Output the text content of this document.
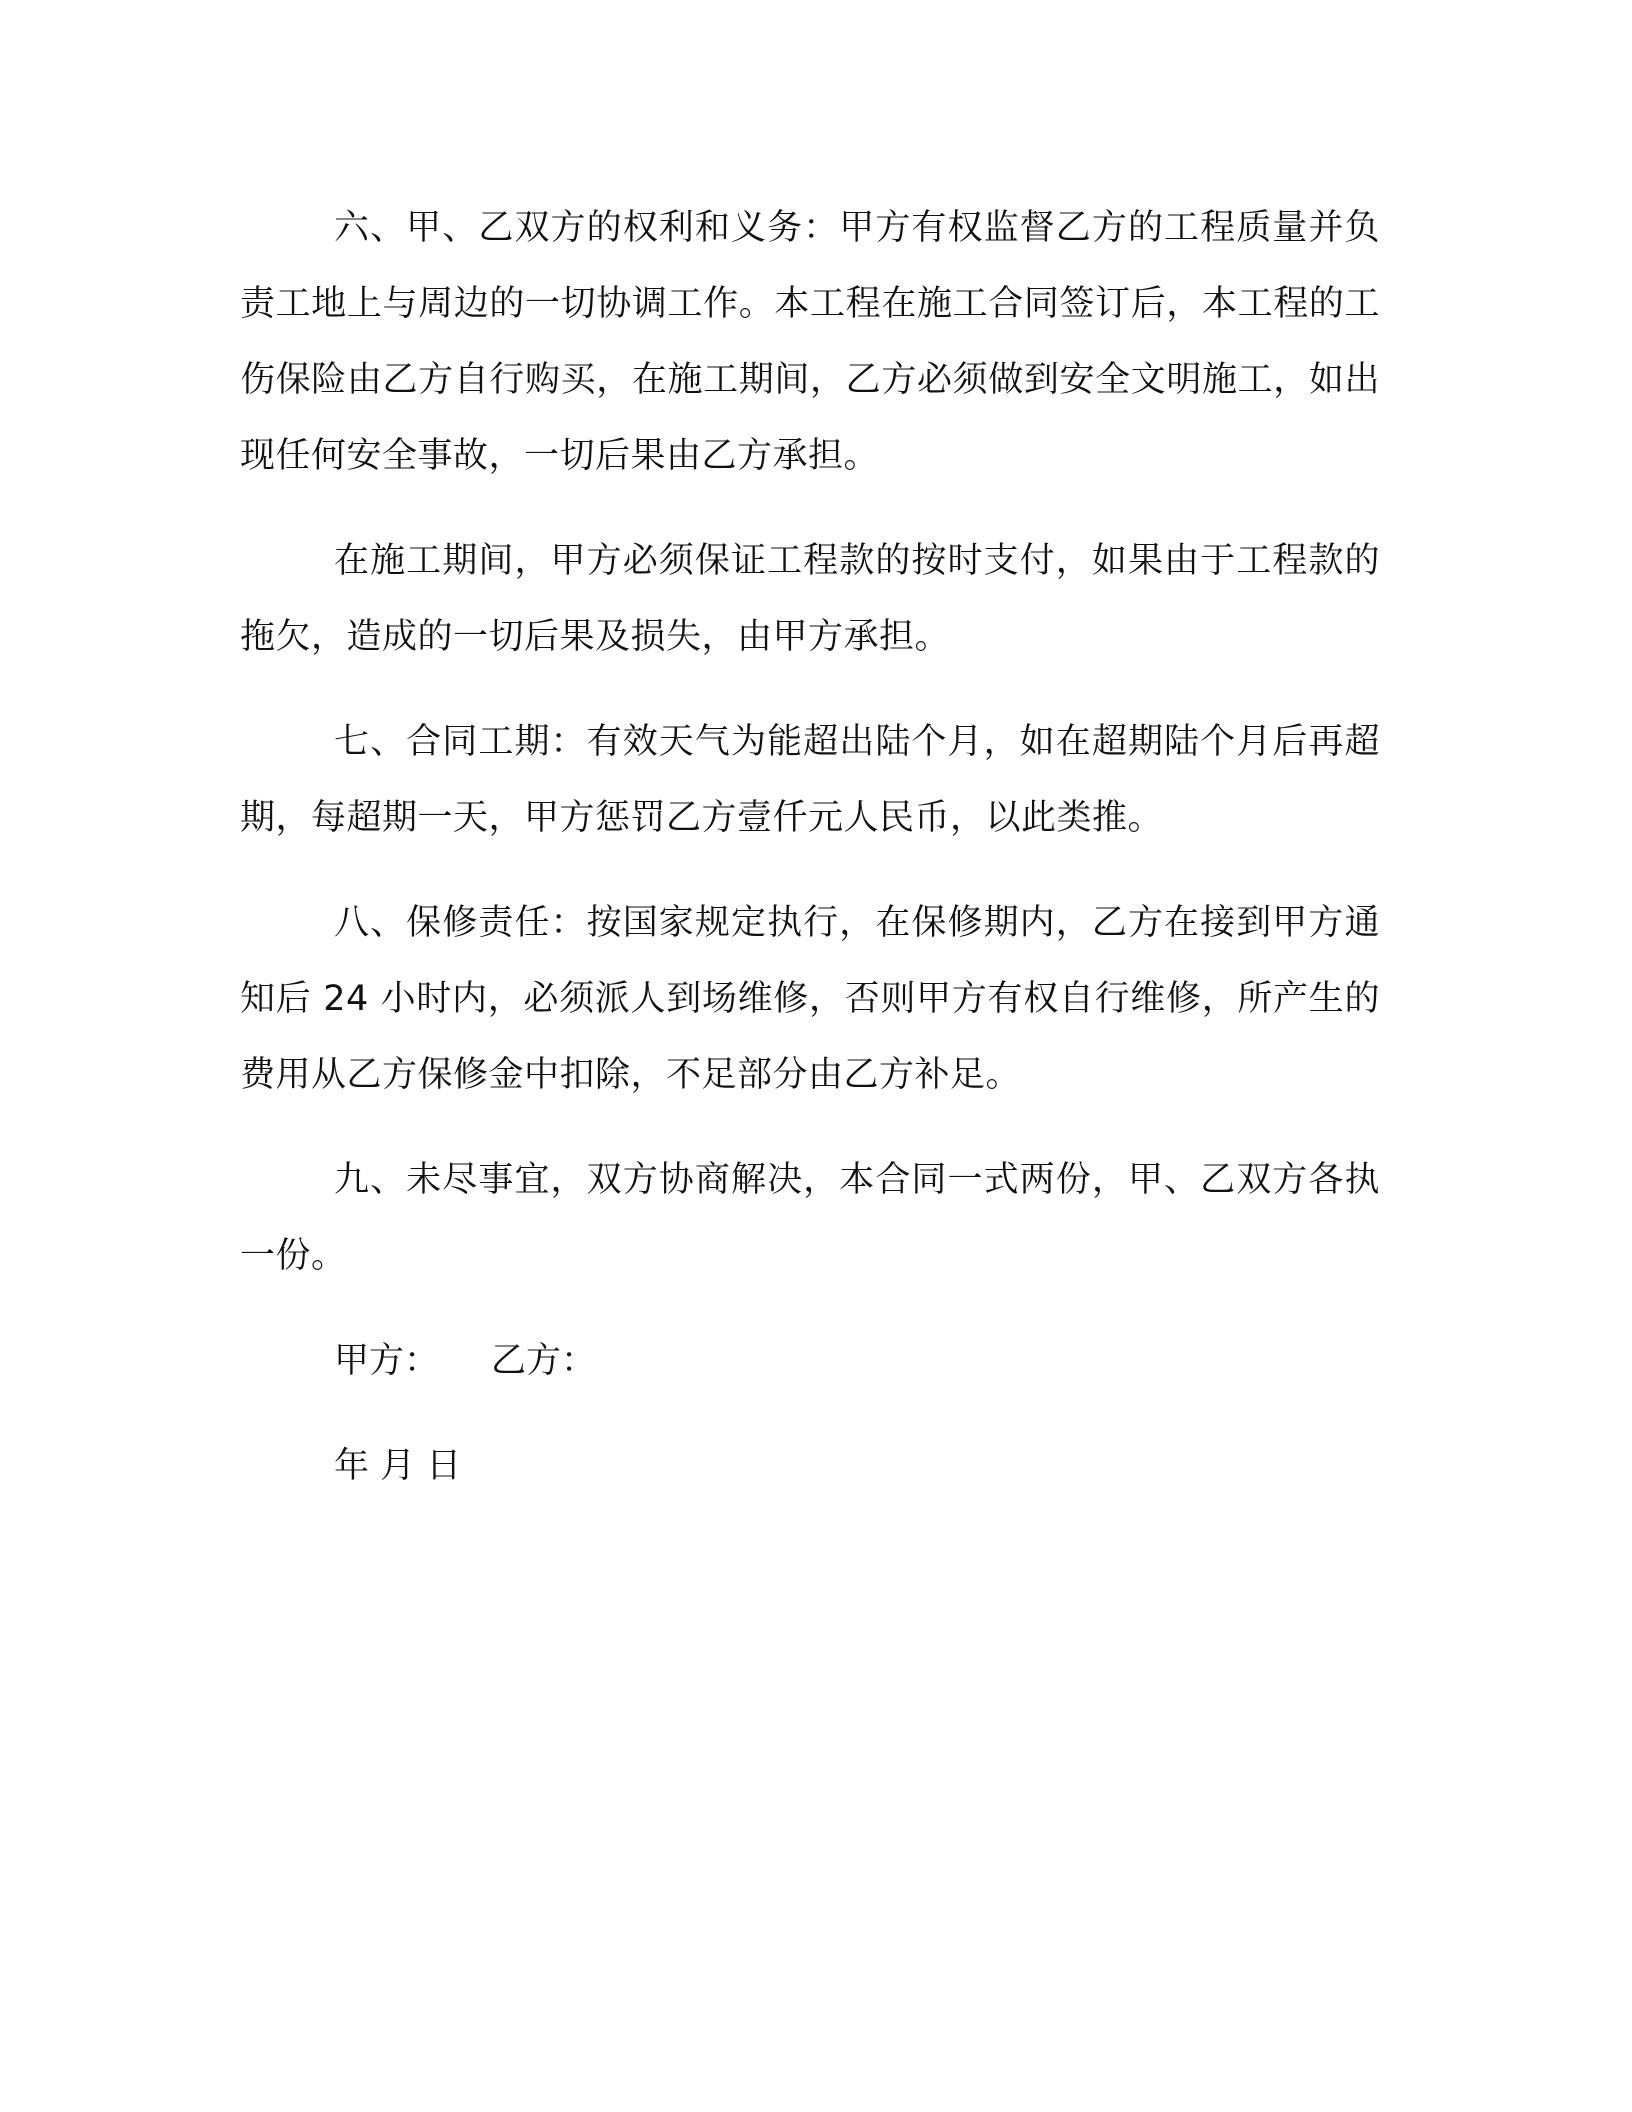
六、甲、乙双方的权利和义务：甲方有权监督乙方的工程质量并负责工地上与周边的一切协调工作。本工程在施工合同签订后，本工程的工伤保险由乙方自行购买，在施工期间，乙方必须做到安全文明施工，如出现任何安全事故，一切后果由乙方承担。

在施工期间，甲方必须保证工程款的按时支付，如果由于工程款的拖欠，造成的一切后果及损失，由甲方承担。

七、合同工期：有效天气为能超出陆个月，如在超期陆个月后再超期，每超期一天，甲方惩罚乙方壹仟元人民币，以此类推。

八、保修责任：按国家规定执行，在保修期内，乙方在接到甲方通知后 24 小时内，必须派人到场维修，否则甲方有权自行维修，所产生的费用从乙方保修金中扣除，不足部分由乙方补足。

九、未尽事宜，双方协商解决，本合同一式两份，甲、乙双方各执一份。

甲方： 乙方：
年 月 日
